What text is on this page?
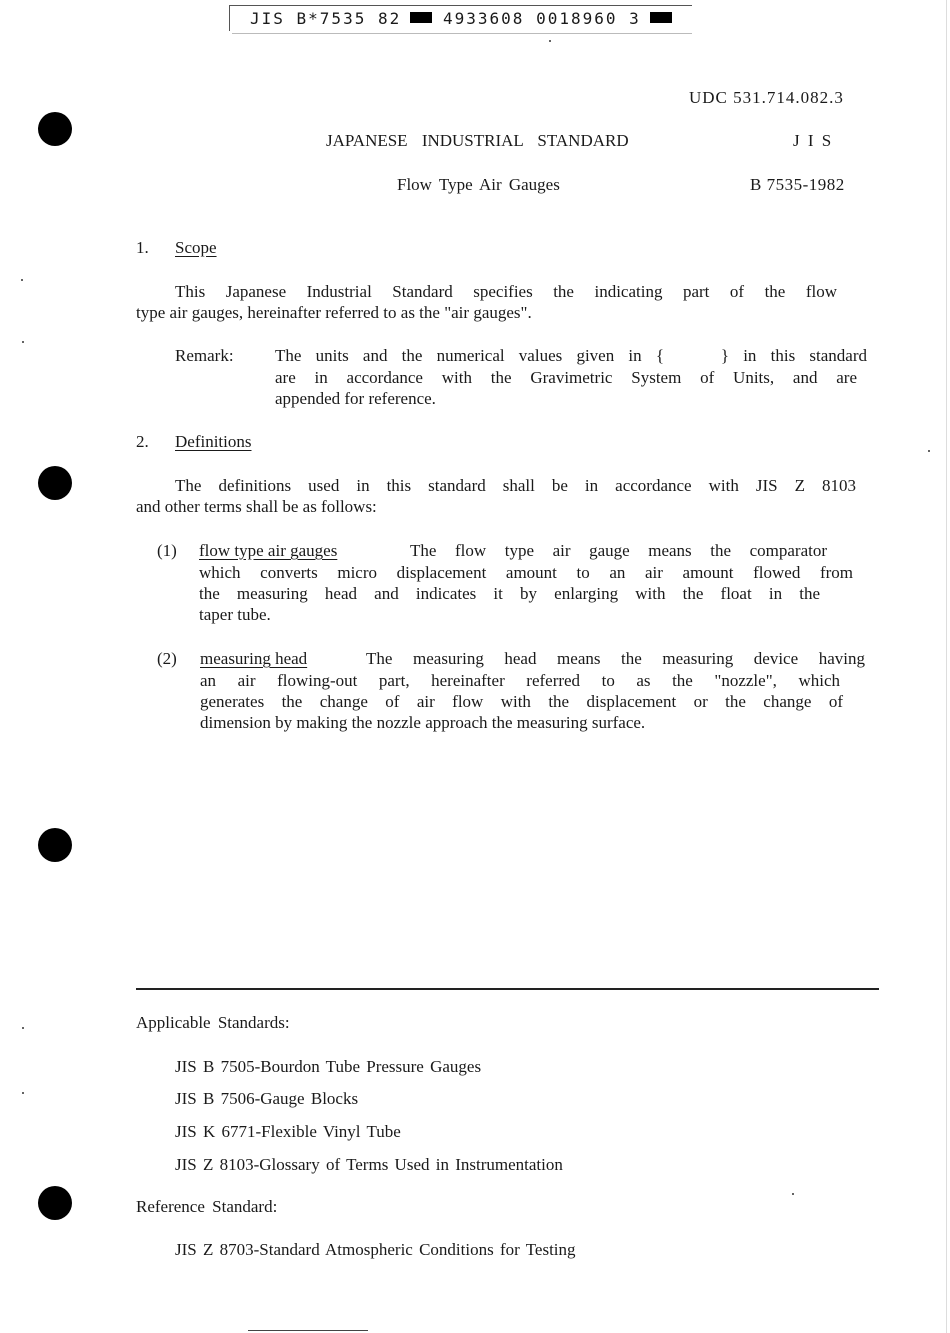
JIS B*7535 82	4933608 0018960 3
UDC 531.714.082.3
JAPANESE INDUSTRIAL STANDARD	J I S
Flow Type Air Gauges	B 7535-1982
1. Scope
This Japanese Industrial Standard specifies the indicating part of the flow
type air gauges, hereinafter referred to as the "air gauges".
Remark: The units and the numerical values given in {    } in this standard
are in accordance with the Gravimetric System of Units, and are
appended for reference.
2. Definitions
The definitions used in this standard shall be in accordance with JIS Z 8103
and other terms shall be as follows:
(1) flow type air gauges	The flow type air gauge means the comparator
which converts micro displacement amount to an air amount flowed from
the measuring head and indicates it by enlarging with the float in the
taper tube.
(2) measuring head	The measuring head means the measuring device having
an air flowing-out part, hereinafter referred to as the "nozzle", which
generates the change of air flow with the displacement or the change of
dimension by making the nozzle approach the measuring surface.
Applicable Standards:
JIS B 7505-Bourdon Tube Pressure Gauges
JIS B 7506-Gauge Blocks
JIS K 6771-Flexible Vinyl Tube
JIS Z 8103-Glossary of Terms Used in Instrumentation
Reference Standard:
JIS Z 8703-Standard Atmospheric Conditions for Testing
